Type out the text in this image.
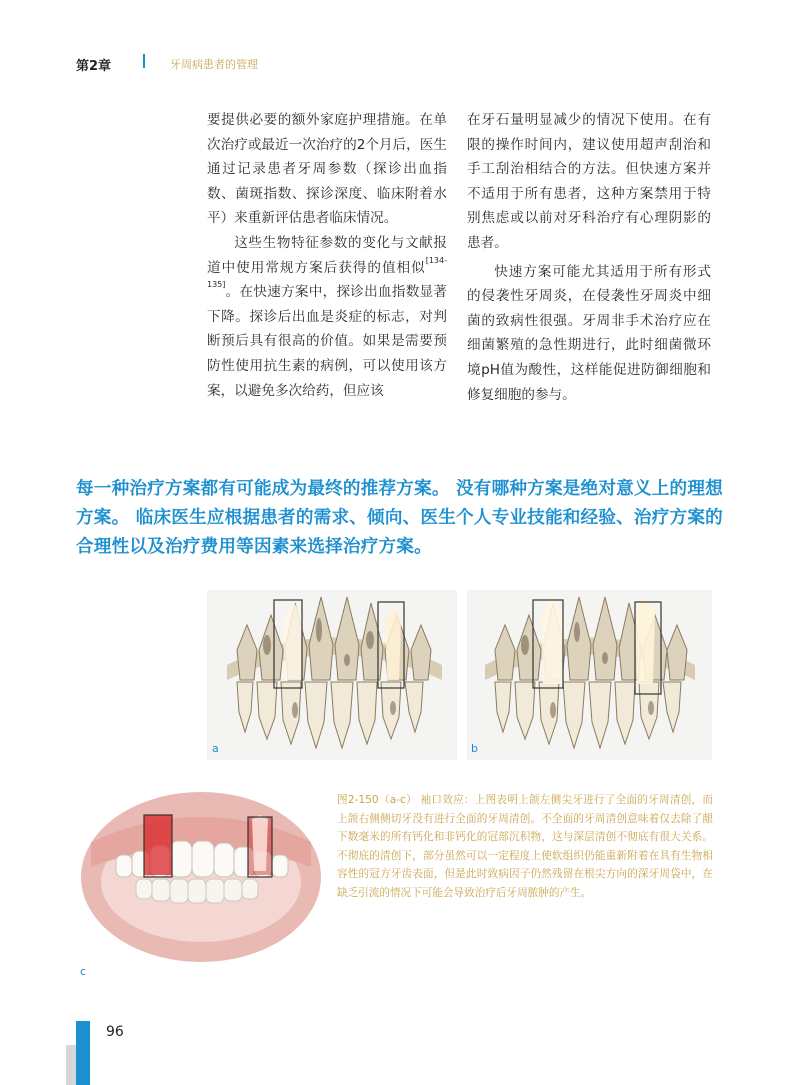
第2章	牙周病患者的管理

要提供必要的额外家庭护理措施。在单次治疗或最近一次治疗的2个月后，医生通过记录患者牙周参数（探诊出血指数、菌斑指数、探诊深度、临床附着水平）来重新评估患者临床情况。

这些生物特征参数的变化与文献报道中使用常规方案后获得的值相似[134-135]。在快速方案中，探诊出血指数显著下降。探诊后出血是炎症的标志，对判断预后具有很高的价值。如果是需要预防性使用抗生素的病例，可以使用该方案，以避免多次给药，但应该

在牙石量明显减少的情况下使用。在有限的操作时间内，建议使用超声刮治和手工刮治相结合的方法。但快速方案并不适用于所有患者，这种方案禁用于特别焦虑或以前对牙科治疗有心理阴影的患者。

快速方案可能尤其适用于所有形式的侵袭性牙周炎，在侵袭性牙周炎中细菌的致病性很强。牙周非手术治疗应在细菌繁殖的急性期进行，此时细菌微环境pH值为酸性，这样能促进防御细胞和修复细胞的参与。

每一种治疗方案都有可能成为最终的推荐方案。 没有哪种方案是绝对意义上的理想方案。 临床医生应根据患者的需求、倾向、医生个人专业技能和经验、治疗方案的合理性以及治疗费用等因素来选择治疗方案。
a	b
c
图2-150（a-c） 袖口效应：上图表明上颌左侧尖牙进行了全面的牙周清创，而上颌右侧侧切牙没有进行全面的牙周清创。不全面的牙周清创意味着仅去除了龈下数毫米的所有钙化和非钙化的冠部沉积物，这与深层清创不彻底有很大关系。不彻底的清创下，部分虽然可以一定程度上使软组织仍能重新附着在具有生物相容性的冠方牙齿表面，但是此时致病因子仍然残留在根尖方向的深牙周袋中，在缺乏引流的情况下可能会导致治疗后牙周脓肿的产生。
96
